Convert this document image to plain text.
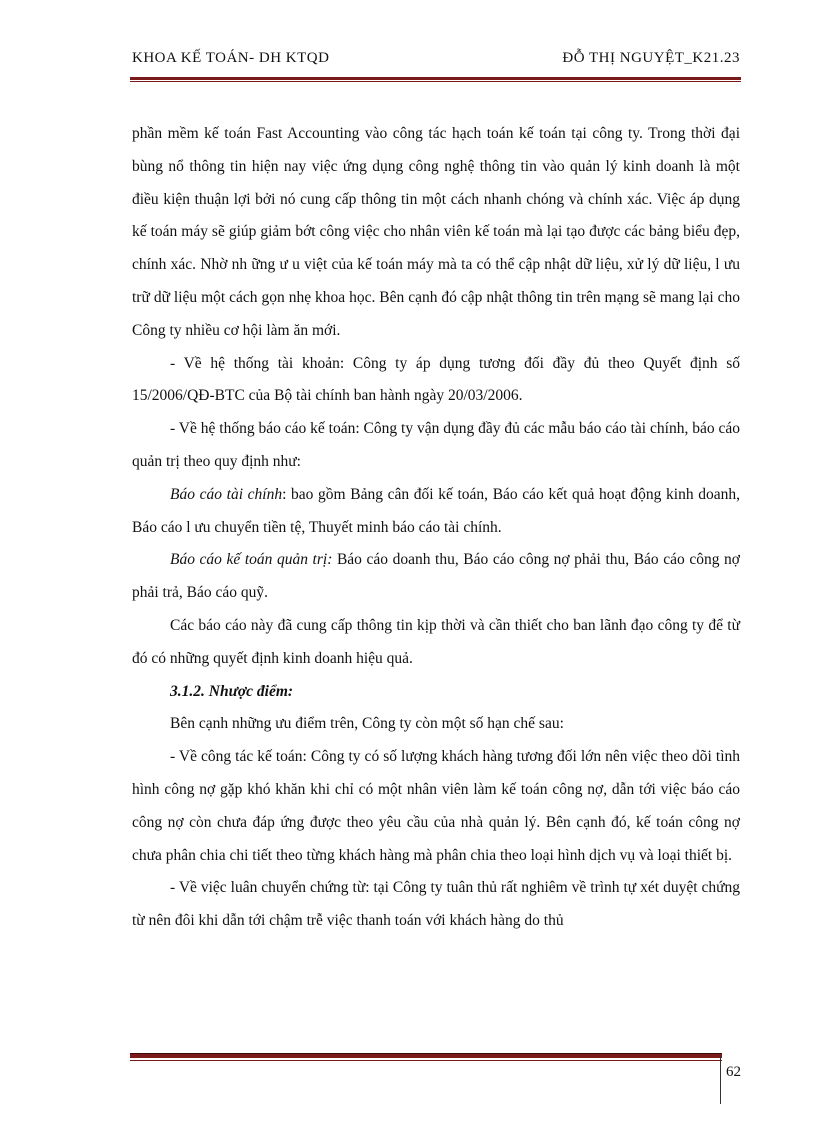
KHOA KẾ TOÁN- DH KTQD	ĐỖ THỊ NGUYỆT_K21.23

phần mềm kế toán Fast Accounting vào công tác hạch toán kế toán tại công ty. Trong thời đại bùng nổ thông tin hiện nay việc ứng dụng công nghệ thông tin vào quản lý kinh doanh là một điều kiện thuận lợi bởi nó cung cấp thông tin một cách nhanh chóng và chính xác. Việc áp dụng kế toán máy sẽ giúp giảm bớt công việc cho nhân viên kế toán mà lại tạo được các bảng biểu đẹp, chính xác. Nhờ nh ững ư u việt của kế toán máy mà ta có thể cập nhật dữ liệu, xử lý dữ liệu, l ưu trữ dữ liệu một cách gọn nhẹ khoa học. Bên cạnh đó cập nhật thông tin trên mạng sẽ mang lại cho Công ty nhiều cơ hội làm ăn mới.

- Về hệ thống tài khoản: Công ty áp dụng tương đối đầy đủ theo Quyết định số 15/2006/QĐ-BTC của Bộ tài chính ban hành ngày 20/03/2006.

- Về hệ thống báo cáo kế toán: Công ty vận dụng đầy đủ các mẫu báo cáo tài chính, báo cáo quản trị theo quy định như:

Báo cáo tài chính: bao gồm Bảng cân đối kế toán, Báo cáo kết quả hoạt động kinh doanh, Báo cáo l ưu chuyển tiền tệ, Thuyết minh báo cáo tài chính.

Báo cáo kế toán quản trị: Báo cáo doanh thu, Báo cáo công nợ phải thu, Báo cáo công nợ phải trả, Báo cáo quỹ.

Các báo cáo này đã cung cấp thông tin kịp thời và cần thiết cho ban lãnh đạo công ty để từ đó có những quyết định kinh doanh hiệu quả.

3.1.2. Nhược điểm:

Bên cạnh những ưu điểm trên, Công ty còn một số hạn chế sau:

- Về công tác kế toán: Công ty có số lượng khách hàng tương đối lớn nên việc theo dõi tình hình công nợ gặp khó khăn khi chỉ có một nhân viên làm kế toán công nợ, dẫn tới việc báo cáo công nợ còn chưa đáp ứng được theo yêu cầu của nhà quản lý. Bên cạnh đó, kế toán công nợ chưa phân chia chi tiết theo từng khách hàng mà phân chia theo loại hình dịch vụ và loại thiết bị.

- Về việc luân chuyển chứng từ: tại Công ty tuân thủ rất nghiêm về trình tự xét duyệt chứng từ nên đôi khi dẫn tới chậm trễ việc thanh toán với khách hàng do thủ

62
